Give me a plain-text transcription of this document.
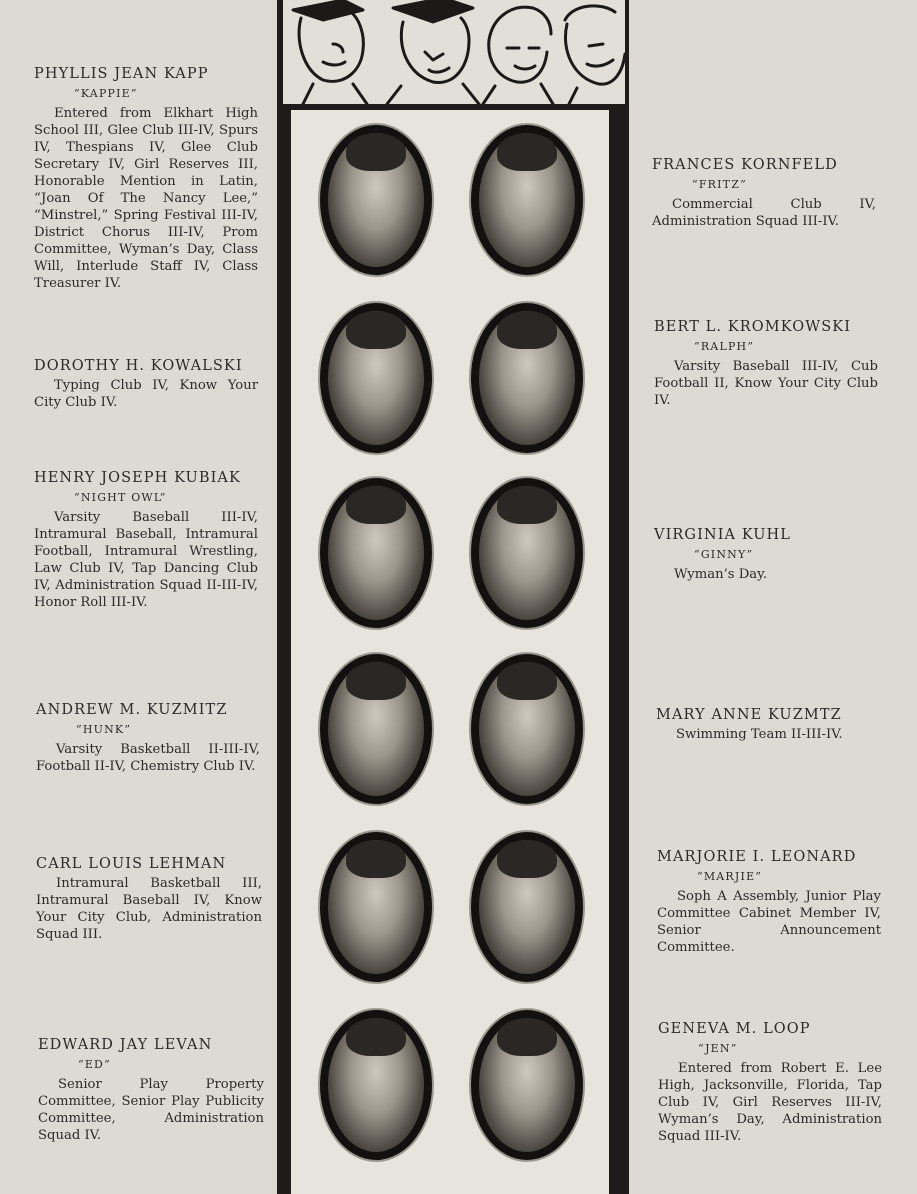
PHYLLIS JEAN KAPP
“KAPPIE”
Entered from Elkhart High School III, Glee Club III-IV, Spurs IV, Thespians IV, Glee Club Secretary IV, Girl Reserves III, Honorable Mention in Latin, “Joan Of The Nancy Lee,” “Minstrel,” Spring Festival III-IV, District Chorus III-IV, Prom Committee, Wyman’s Day, Class Will, Interlude Staff IV, Class Treasurer IV.
DOROTHY H. KOWALSKI
Typing Club IV, Know Your City Club IV.
HENRY JOSEPH KUBIAK
“NIGHT OWL”
Varsity Baseball III-IV, Intramural Baseball, Intramural Football, Intramural Wrestling, Law Club IV, Tap Dancing Club IV, Administration Squad II-III-IV, Honor Roll III-IV.
ANDREW M. KUZMITZ
“HUNK”
Varsity Basketball II-III-IV, Football II-IV, Chemistry Club IV.
CARL LOUIS LEHMAN
Intramural Basketball III, Intramural Baseball IV, Know Your City Club, Administration Squad III.
EDWARD JAY LEVAN
“ED”
Senior Play Property Committee, Senior Play Publicity Committee, Administration Squad IV.
FRANCES KORNFELD
“FRITZ”
Commercial Club IV, Administration Squad III-IV.
BERT L. KROMKOWSKI
“RALPH”
Varsity Baseball III-IV, Cub Football II, Know Your City Club IV.
VIRGINIA KUHL
“GINNY”
Wyman’s Day.
MARY ANNE KUZMTZ
Swimming Team II-III-IV.
MARJORIE I. LEONARD
“MARJIE”
Soph A Assembly, Junior Play Committee Cabinet Member IV, Senior Announcement Committee.
GENEVA M. LOOP
“JEN”
Entered from Robert E. Lee High, Jacksonville, Florida, Tap Club IV, Girl Reserves III-IV, Wyman’s Day, Administration Squad III-IV.
